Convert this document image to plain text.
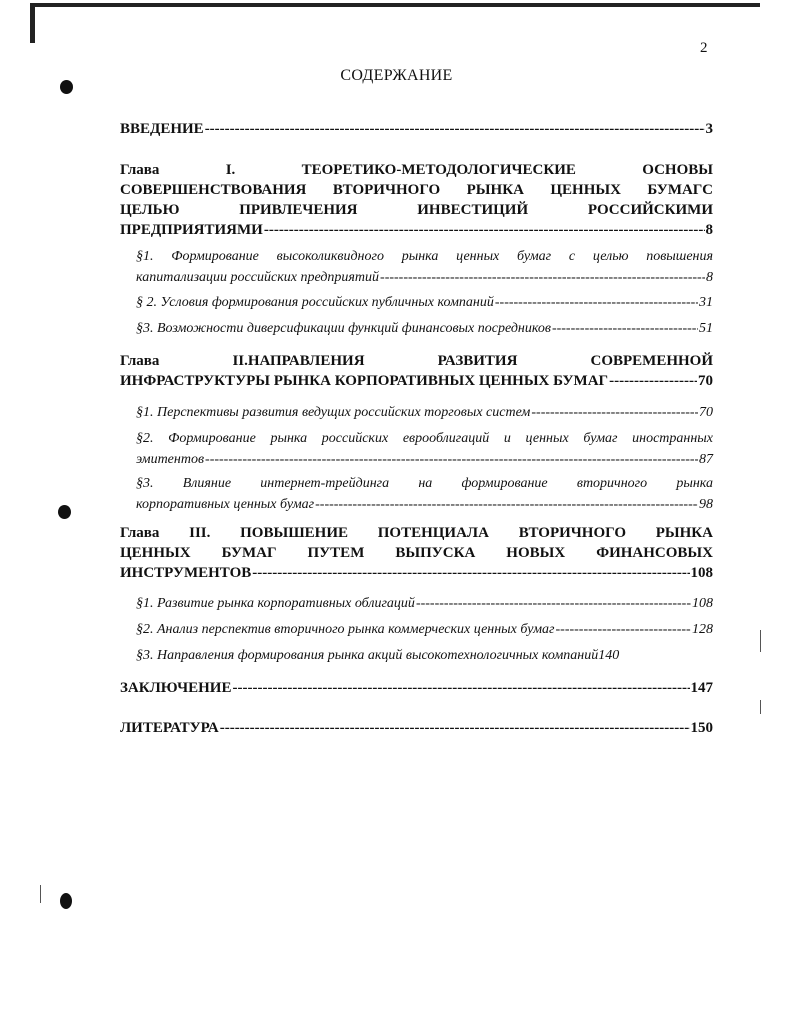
2
СОДЕРЖАНИЕ
ВВЕДЕНИЕ -----	3
Глава I. ТЕОРЕТИКО-МЕТОДОЛОГИЧЕСКИЕ ОСНОВЫ
СОВЕРШЕНСТВОВАНИЯ ВТОРИЧНОГО РЫНКА ЦЕННЫХ БУМАГС
ЦЕЛЬЮ ПРИВЛЕЧЕНИЯ ИНВЕСТИЦИЙ РОССИЙСКИМИ
ПРЕДПРИЯТИЯМИ -----	8
§1. Формирование высоколиквидного рынка ценных бумаг с целью повышения
капитализации российских предприятий -----	8
§ 2. Условия формирования российских публичных компаний -----	31
§3. Возможности диверсификации функций финансовых посредников -----	51
Глава II.НАПРАВЛЕНИЯ РАЗВИТИЯ СОВРЕМЕННОЙ
ИНФРАСТРУКТУРЫ РЫНКА КОРПОРАТИВНЫХ ЦЕННЫХ БУМАГ -----	70
§1. Перспективы развития ведущих российских торговых систем -----	70
§2. Формирование рынка российских еврооблигаций и ценных бумаг иностранных
эмитентов -----	87
§3. Влияние интернет-трейдинга на формирование вторичного рынка
корпоративных ценных бумаг -----	98
Глава III. ПОВЫШЕНИЕ ПОТЕНЦИАЛА ВТОРИЧНОГО РЫНКА
ЦЕННЫХ БУМАГ ПУТЕМ ВЫПУСКА НОВЫХ ФИНАНСОВЫХ
ИНСТРУМЕНТОВ -----	108
§1. Развитие рынка корпоративных облигаций -----	108
§2. Анализ перспектив вторичного рынка коммерческих ценных бумаг -----	128
§3. Направления формирования рынка акций высокотехнологичных компаний 140
ЗАКЛЮЧЕНИЕ -----	147
ЛИТЕРАТУРА -----	150
